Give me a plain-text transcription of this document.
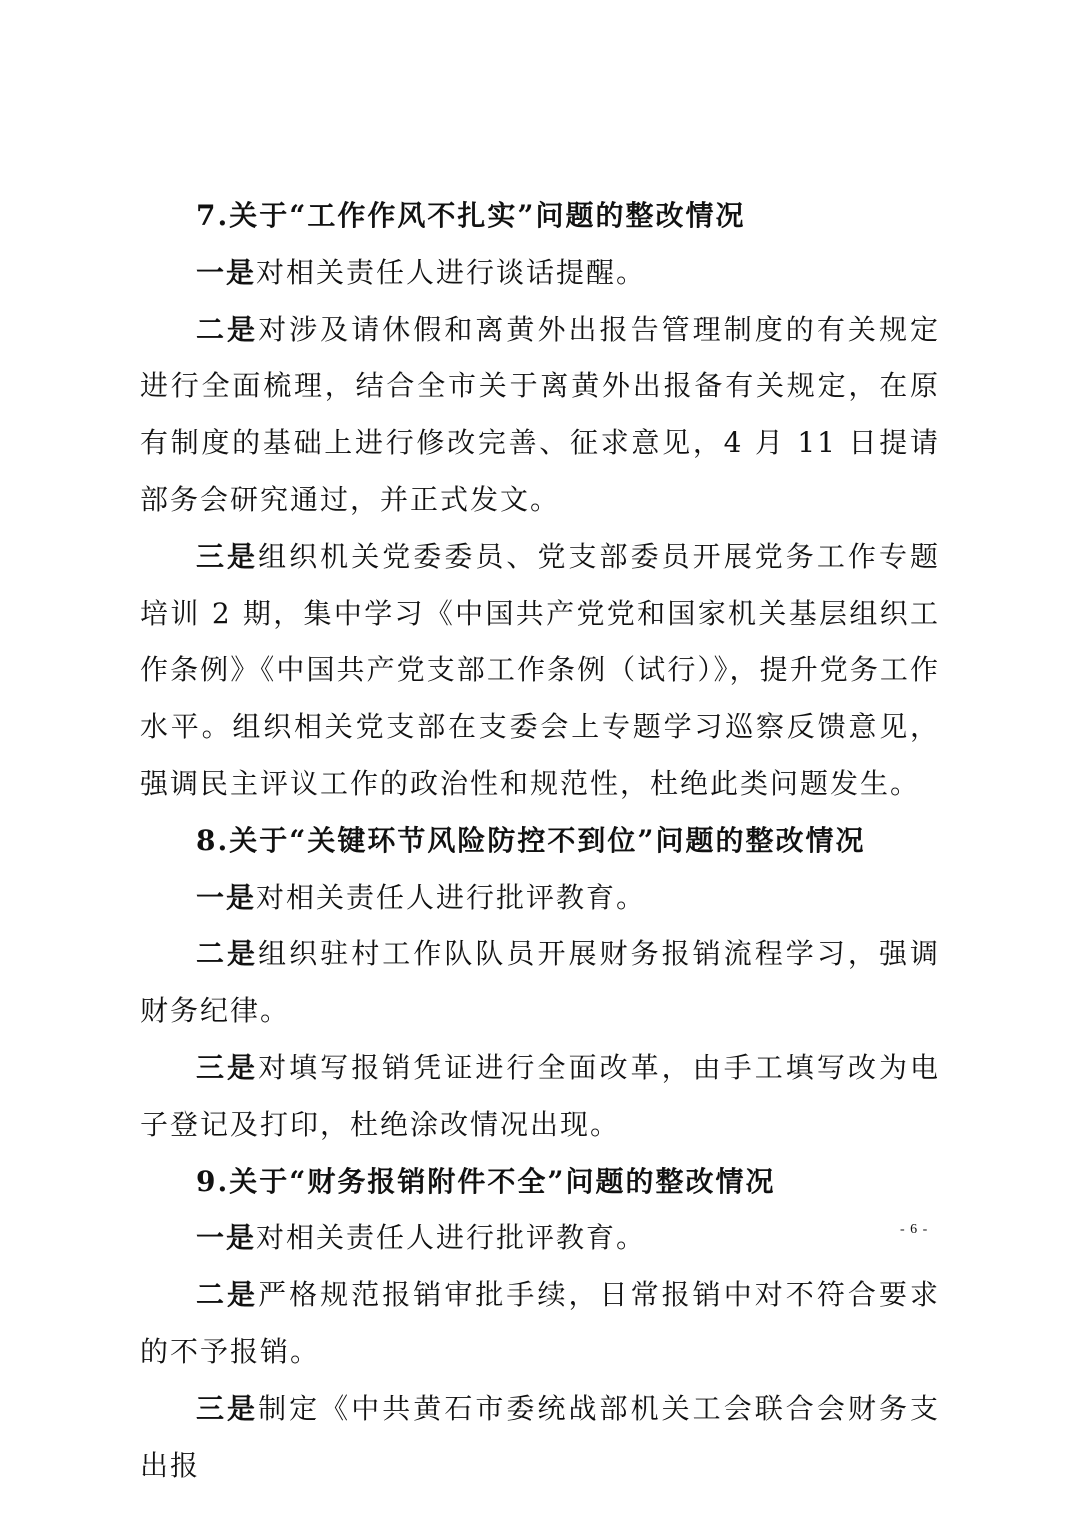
7.关于“工作作风不扎实”问题的整改情况

一是对相关责任人进行谈话提醒。

二是对涉及请休假和离黄外出报告管理制度的有关规定进行全面梳理，结合全市关于离黄外出报备有关规定，在原有制度的基础上进行修改完善、征求意见，4 月 11 日提请部务会研究通过，并正式发文。

三是组织机关党委委员、党支部委员开展党务工作专题培训 2 期，集中学习《中国共产党党和国家机关基层组织工作条例》《中国共产党支部工作条例（试行）》，提升党务工作水平。组织相关党支部在支委会上专题学习巡察反馈意见，强调民主评议工作的政治性和规范性，杜绝此类问题发生。

8.关于“关键环节风险防控不到位”问题的整改情况

一是对相关责任人进行批评教育。

二是组织驻村工作队队员开展财务报销流程学习，强调财务纪律。

三是对填写报销凭证进行全面改革，由手工填写改为电子登记及打印，杜绝涂改情况出现。

9.关于“财务报销附件不全”问题的整改情况

一是对相关责任人进行批评教育。

二是严格规范报销审批手续，日常报销中对不符合要求的不予报销。

三是制定《中共黄石市委统战部机关工会联合会财务支出报

- 6 -
